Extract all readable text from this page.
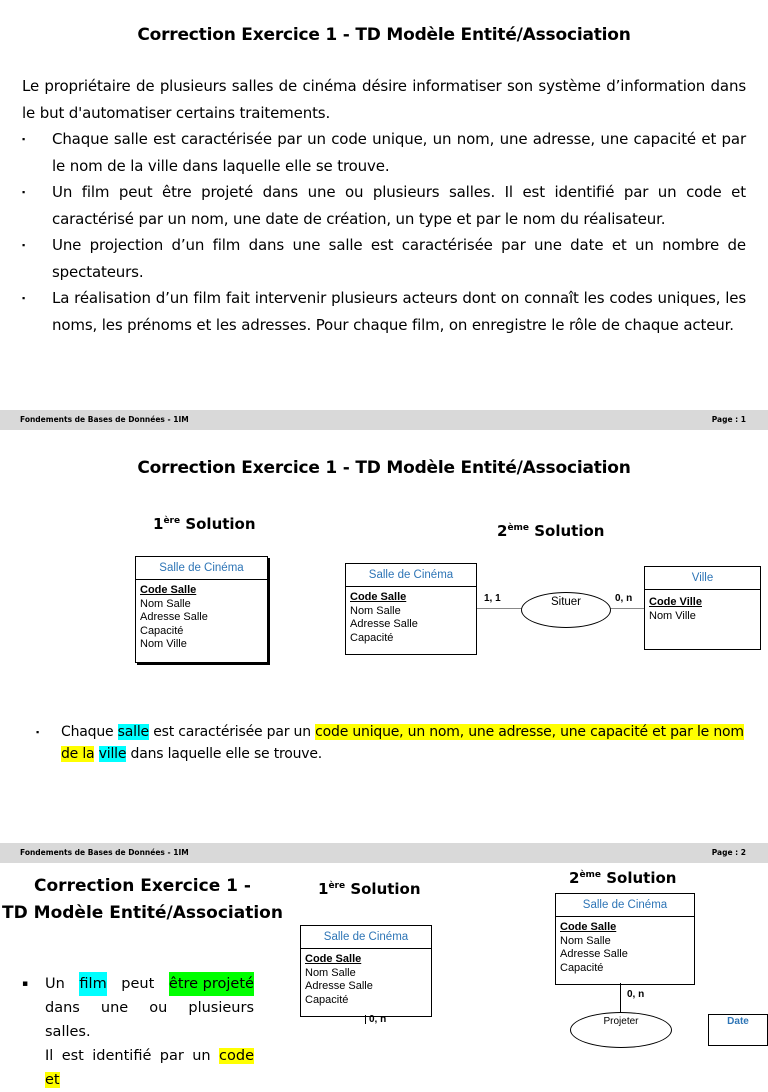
Correction Exercice 1 - TD Modèle Entité/Association
Le propriétaire de plusieurs salles de cinéma désire informatiser son système d’information dans le but d'automatiser certains traitements.
▪ Chaque salle est caractérisée par un code unique, un nom, une adresse, une capacité et par le nom de la ville dans laquelle elle se trouve.
▪ Un film peut être projeté dans une ou plusieurs salles. Il est identifié par un code et caractérisé par un nom, une date de création, un type et par le nom du réalisateur.
▪ Une projection d’un film dans une salle est caractérisée par une date et un nombre de spectateurs.
▪ La réalisation d’un film fait intervenir plusieurs acteurs dont on connaît les codes uniques, les noms, les prénoms et les adresses. Pour chaque film, on enregistre le rôle de chaque acteur.
Fondements de Bases de Données - 1IM	Page : 1
Correction Exercice 1 - TD Modèle Entité/Association
1ère Solution	2ème Solution
Salle de Cinéma
Code Salle
Nom Salle
Adresse Salle
Capacité
Nom Ville
Salle de Cinéma
Code Salle
Nom Salle
Adresse Salle
Capacité
Situer
1, 1	0, n
Ville
Code Ville
Nom Ville
▪ Chaque salle est caractérisée par un code unique, un nom, une adresse, une capacité et par le nom de la ville dans laquelle elle se trouve.
Fondements de Bases de Données - 1IM	Page : 2
Correction Exercice 1 -
TD Modèle Entité/Association
1ère Solution
2ème Solution
Salle de Cinéma
Code Salle
Nom Salle
Adresse Salle
Capacité
0, n
Salle de Cinéma
Code Salle
Nom Salle
Adresse Salle
Capacité
0, n
Projeter	Date
▪ Un film peut être projeté
dans une ou plusieurs salles.
Il est identifié par un code et
